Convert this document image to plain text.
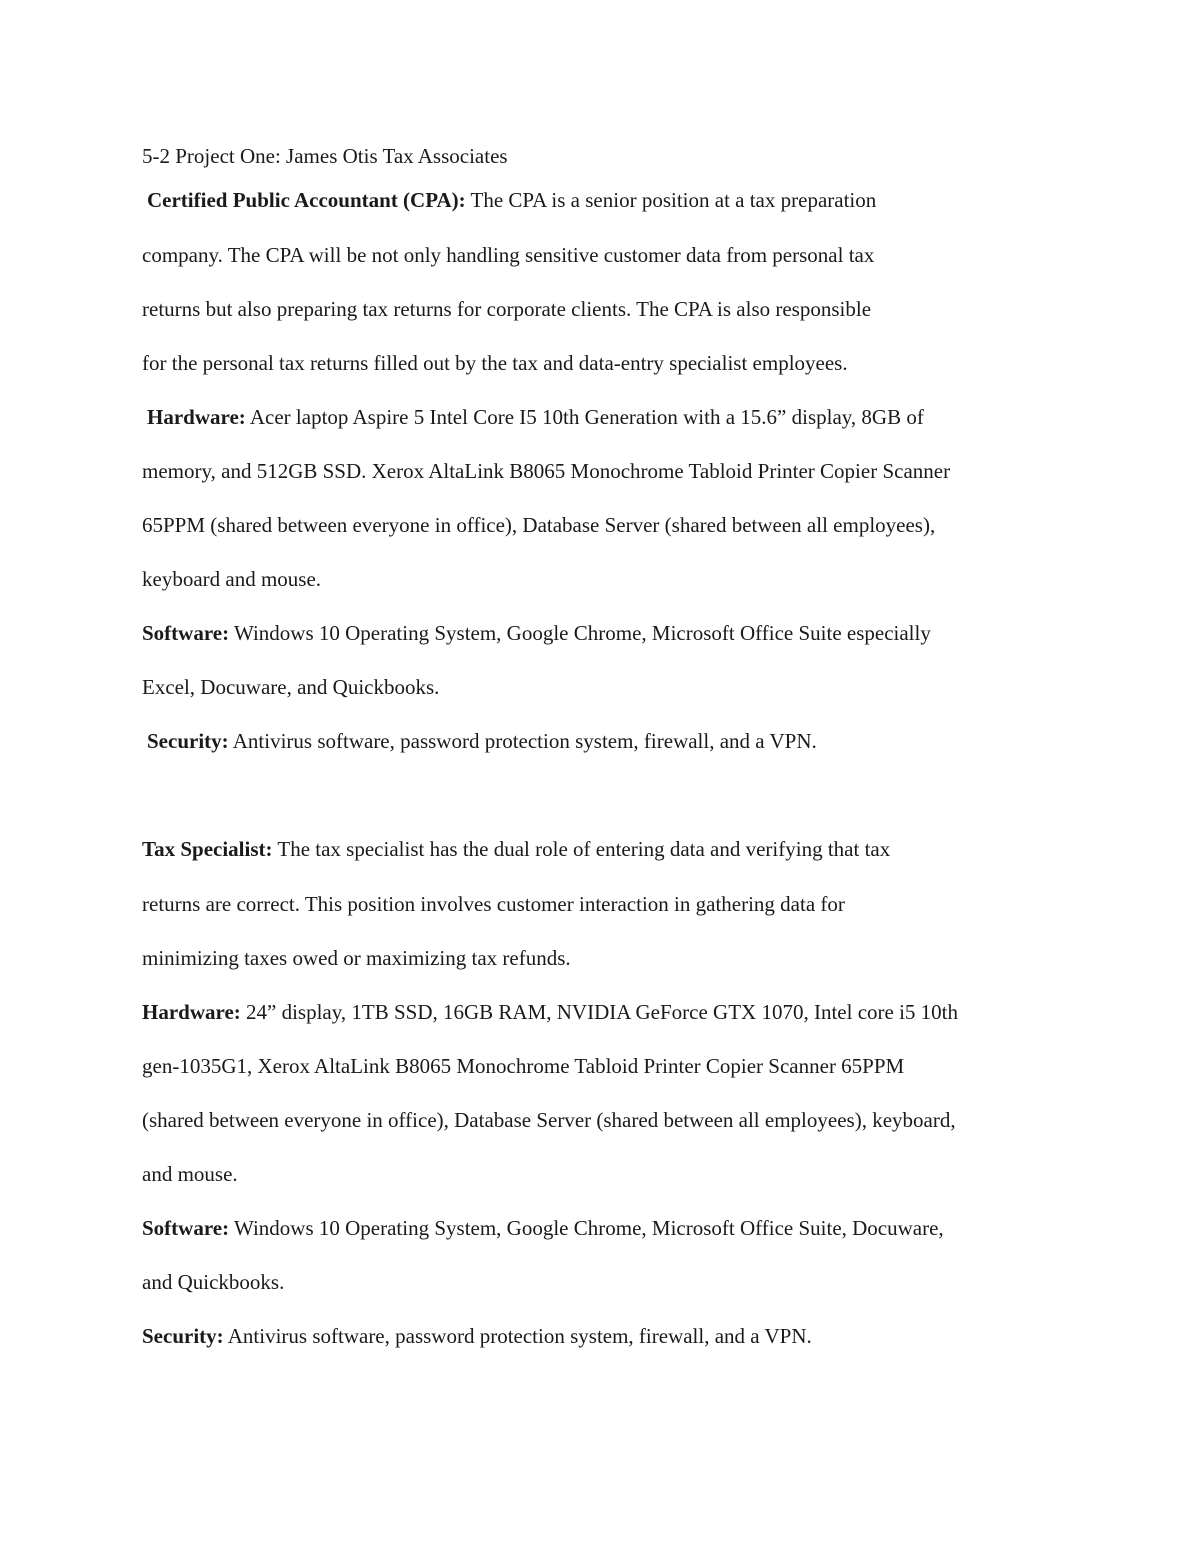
5-2 Project One: James Otis Tax Associates
Certified Public Accountant (CPA): The CPA is a senior position at a tax preparation
company. The CPA will be not only handling sensitive customer data from personal tax
returns but also preparing tax returns for corporate clients. The CPA is also responsible
for the personal tax returns filled out by the tax and data-entry specialist employees.
Hardware: Acer laptop Aspire 5 Intel Core I5 10th Generation with a 15.6” display, 8GB of
memory, and 512GB SSD. Xerox AltaLink B8065 Monochrome Tabloid Printer Copier Scanner
65PPM (shared between everyone in office), Database Server (shared between all employees),
keyboard and mouse.
Software: Windows 10 Operating System, Google Chrome, Microsoft Office Suite especially
Excel, Docuware, and Quickbooks.
Security: Antivirus software, password protection system, firewall, and a VPN.
Tax Specialist: The tax specialist has the dual role of entering data and verifying that tax
returns are correct. This position involves customer interaction in gathering data for
minimizing taxes owed or maximizing tax refunds.
Hardware: 24” display, 1TB SSD, 16GB RAM, NVIDIA GeForce GTX 1070, Intel core i5 10th
gen-1035G1, Xerox AltaLink B8065 Monochrome Tabloid Printer Copier Scanner 65PPM
(shared between everyone in office), Database Server (shared between all employees), keyboard,
and mouse.
Software: Windows 10 Operating System, Google Chrome, Microsoft Office Suite, Docuware,
and Quickbooks.
Security: Antivirus software, password protection system, firewall, and a VPN.
